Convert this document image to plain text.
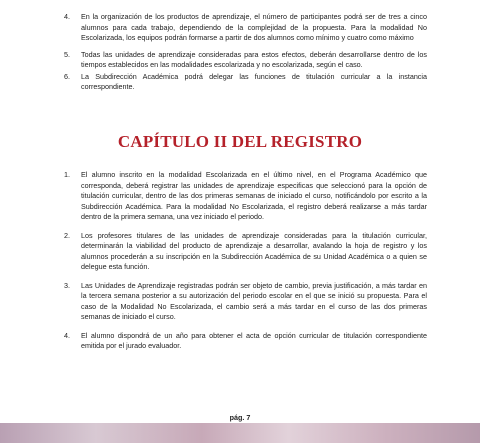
4. En la organización de los productos de aprendizaje, el número de participantes podrá ser de tres a cinco alumnos para cada trabajo, dependiendo de la complejidad de la propuesta. Para la modalidad No Escolarizada, los equipos podrán formarse a partir de dos alumnos como mínimo y cuatro como máximo

5. Todas las unidades de aprendizaje consideradas para estos efectos, deberán desarrollarse dentro de los tiempos establecidos en las modalidades escolarizada y no escolarizada, según el caso.

6. La Subdirección Académica podrá delegar las funciones de titulación curricular a la instancia correspondiente.

CAPÍTULO II DEL REGISTRO
1. El alumno inscrito en la modalidad Escolarizada en el último nivel, en el Programa Académico que corresponda, deberá registrar las unidades de aprendizaje especificas que seleccionó para la opción de titulación curricular, dentro de las dos primeras semanas de iniciado el curso, notificándolo por escrito a la Subdirección Académica. Para la modalidad No Escolarizada, el registro deberá realizarse a más tardar dentro de la primera semana, una vez iniciado el periodo.

2. Los profesores titulares de las unidades de aprendizaje consideradas para la titulación curricular, determinarán la viabilidad del producto de aprendizaje a desarrollar, avalando la hoja de registro y los alumnos procederán a su inscripción en la Subdirección Académica de su Unidad Académica o a quien se delegue esta función.

3. Las Unidades de Aprendizaje registradas podrán ser objeto de cambio, previa justificación, a más tardar en la tercera semana posterior a su autorización del periodo escolar en el que se inició su propuesta. Para el caso de la Modalidad No Escolarizada, el cambio será a más tardar en el curso de las dos primeras semanas de iniciado el curso.

4. El alumno dispondrá de un año para obtener el acta de opción curricular de titulación correspondiente emitida por el jurado evaluador.

pág. 7
